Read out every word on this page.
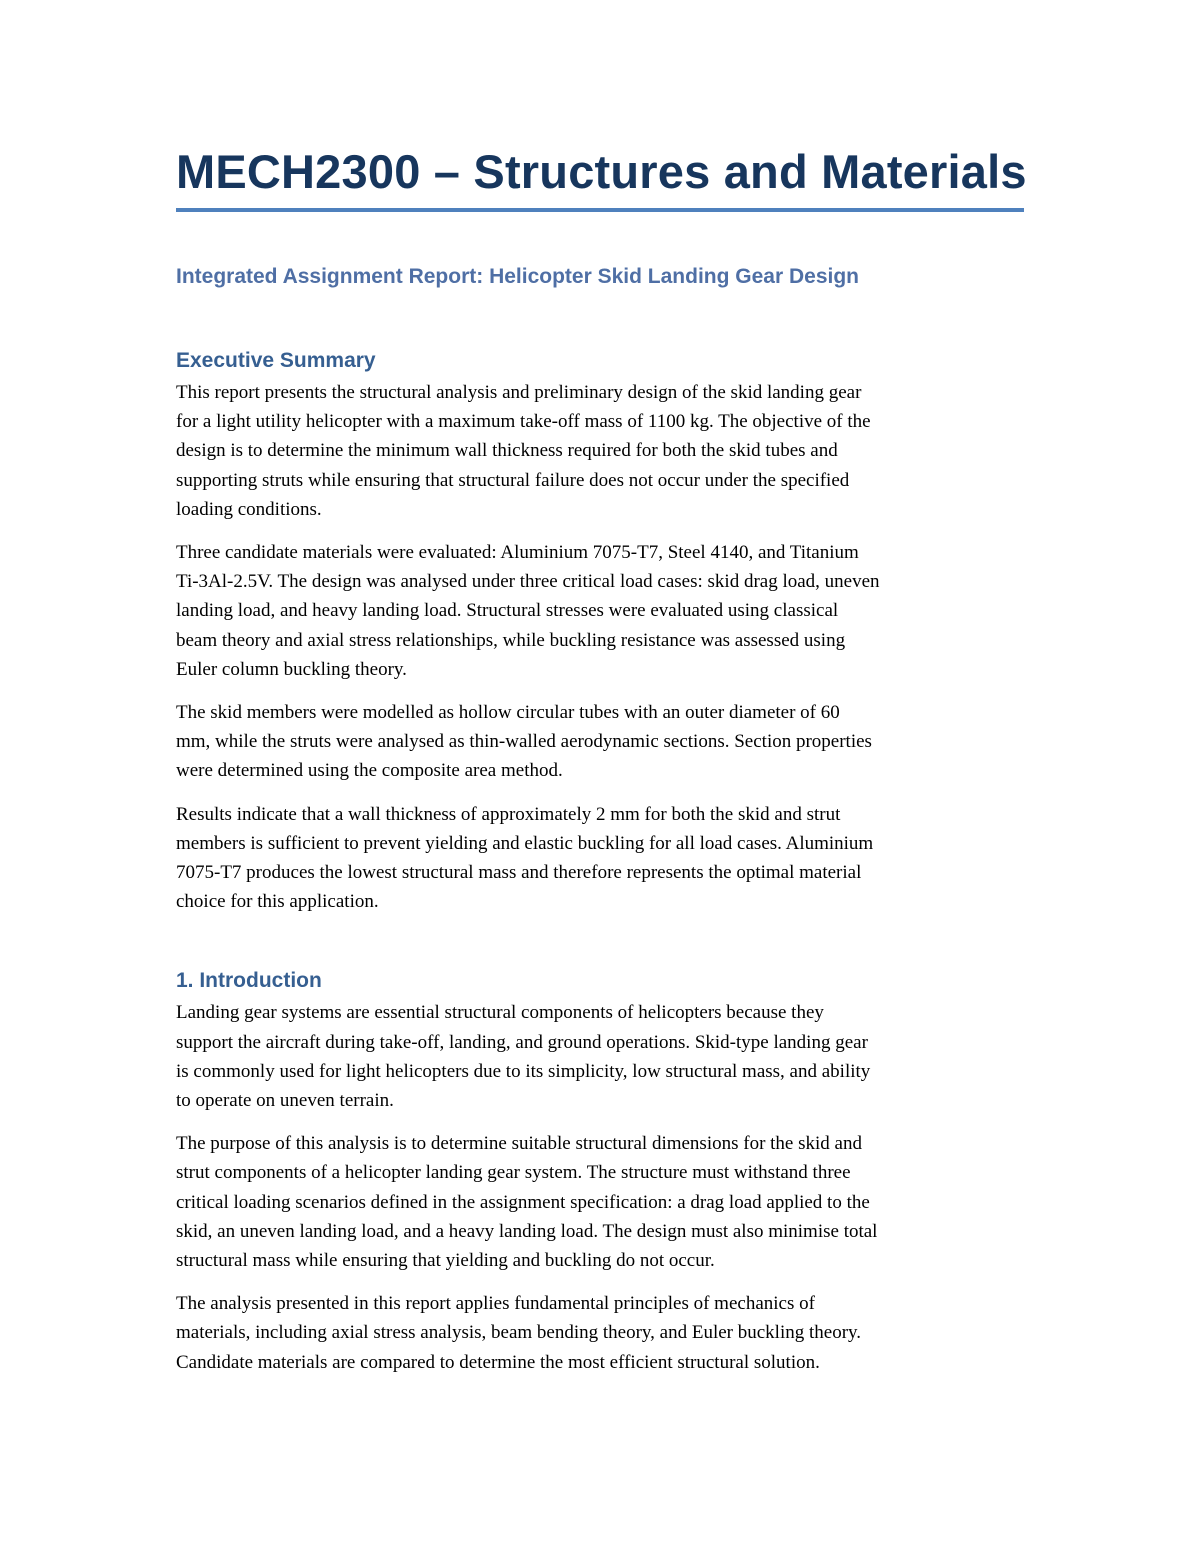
MECH2300 – Structures and Materials
Integrated Assignment Report: Helicopter Skid Landing Gear Design
Executive Summary

This report presents the structural analysis and preliminary design of the skid landing gear
for a light utility helicopter with a maximum take-off mass of 1100 kg. The objective of the
design is to determine the minimum wall thickness required for both the skid tubes and
supporting struts while ensuring that structural failure does not occur under the specified
loading conditions.

Three candidate materials were evaluated: Aluminium 7075-T7, Steel 4140, and Titanium
Ti-3Al-2.5V. The design was analysed under three critical load cases: skid drag load, uneven
landing load, and heavy landing load. Structural stresses were evaluated using classical
beam theory and axial stress relationships, while buckling resistance was assessed using
Euler column buckling theory.

The skid members were modelled as hollow circular tubes with an outer diameter of 60
mm, while the struts were analysed as thin-walled aerodynamic sections. Section properties
were determined using the composite area method.

Results indicate that a wall thickness of approximately 2 mm for both the skid and strut
members is sufficient to prevent yielding and elastic buckling for all load cases. Aluminium
7075-T7 produces the lowest structural mass and therefore represents the optimal material
choice for this application.

1. Introduction

Landing gear systems are essential structural components of helicopters because they
support the aircraft during take-off, landing, and ground operations. Skid-type landing gear
is commonly used for light helicopters due to its simplicity, low structural mass, and ability
to operate on uneven terrain.

The purpose of this analysis is to determine suitable structural dimensions for the skid and
strut components of a helicopter landing gear system. The structure must withstand three
critical loading scenarios defined in the assignment specification: a drag load applied to the
skid, an uneven landing load, and a heavy landing load. The design must also minimise total
structural mass while ensuring that yielding and buckling do not occur.

The analysis presented in this report applies fundamental principles of mechanics of
materials, including axial stress analysis, beam bending theory, and Euler buckling theory.
Candidate materials are compared to determine the most efficient structural solution.
